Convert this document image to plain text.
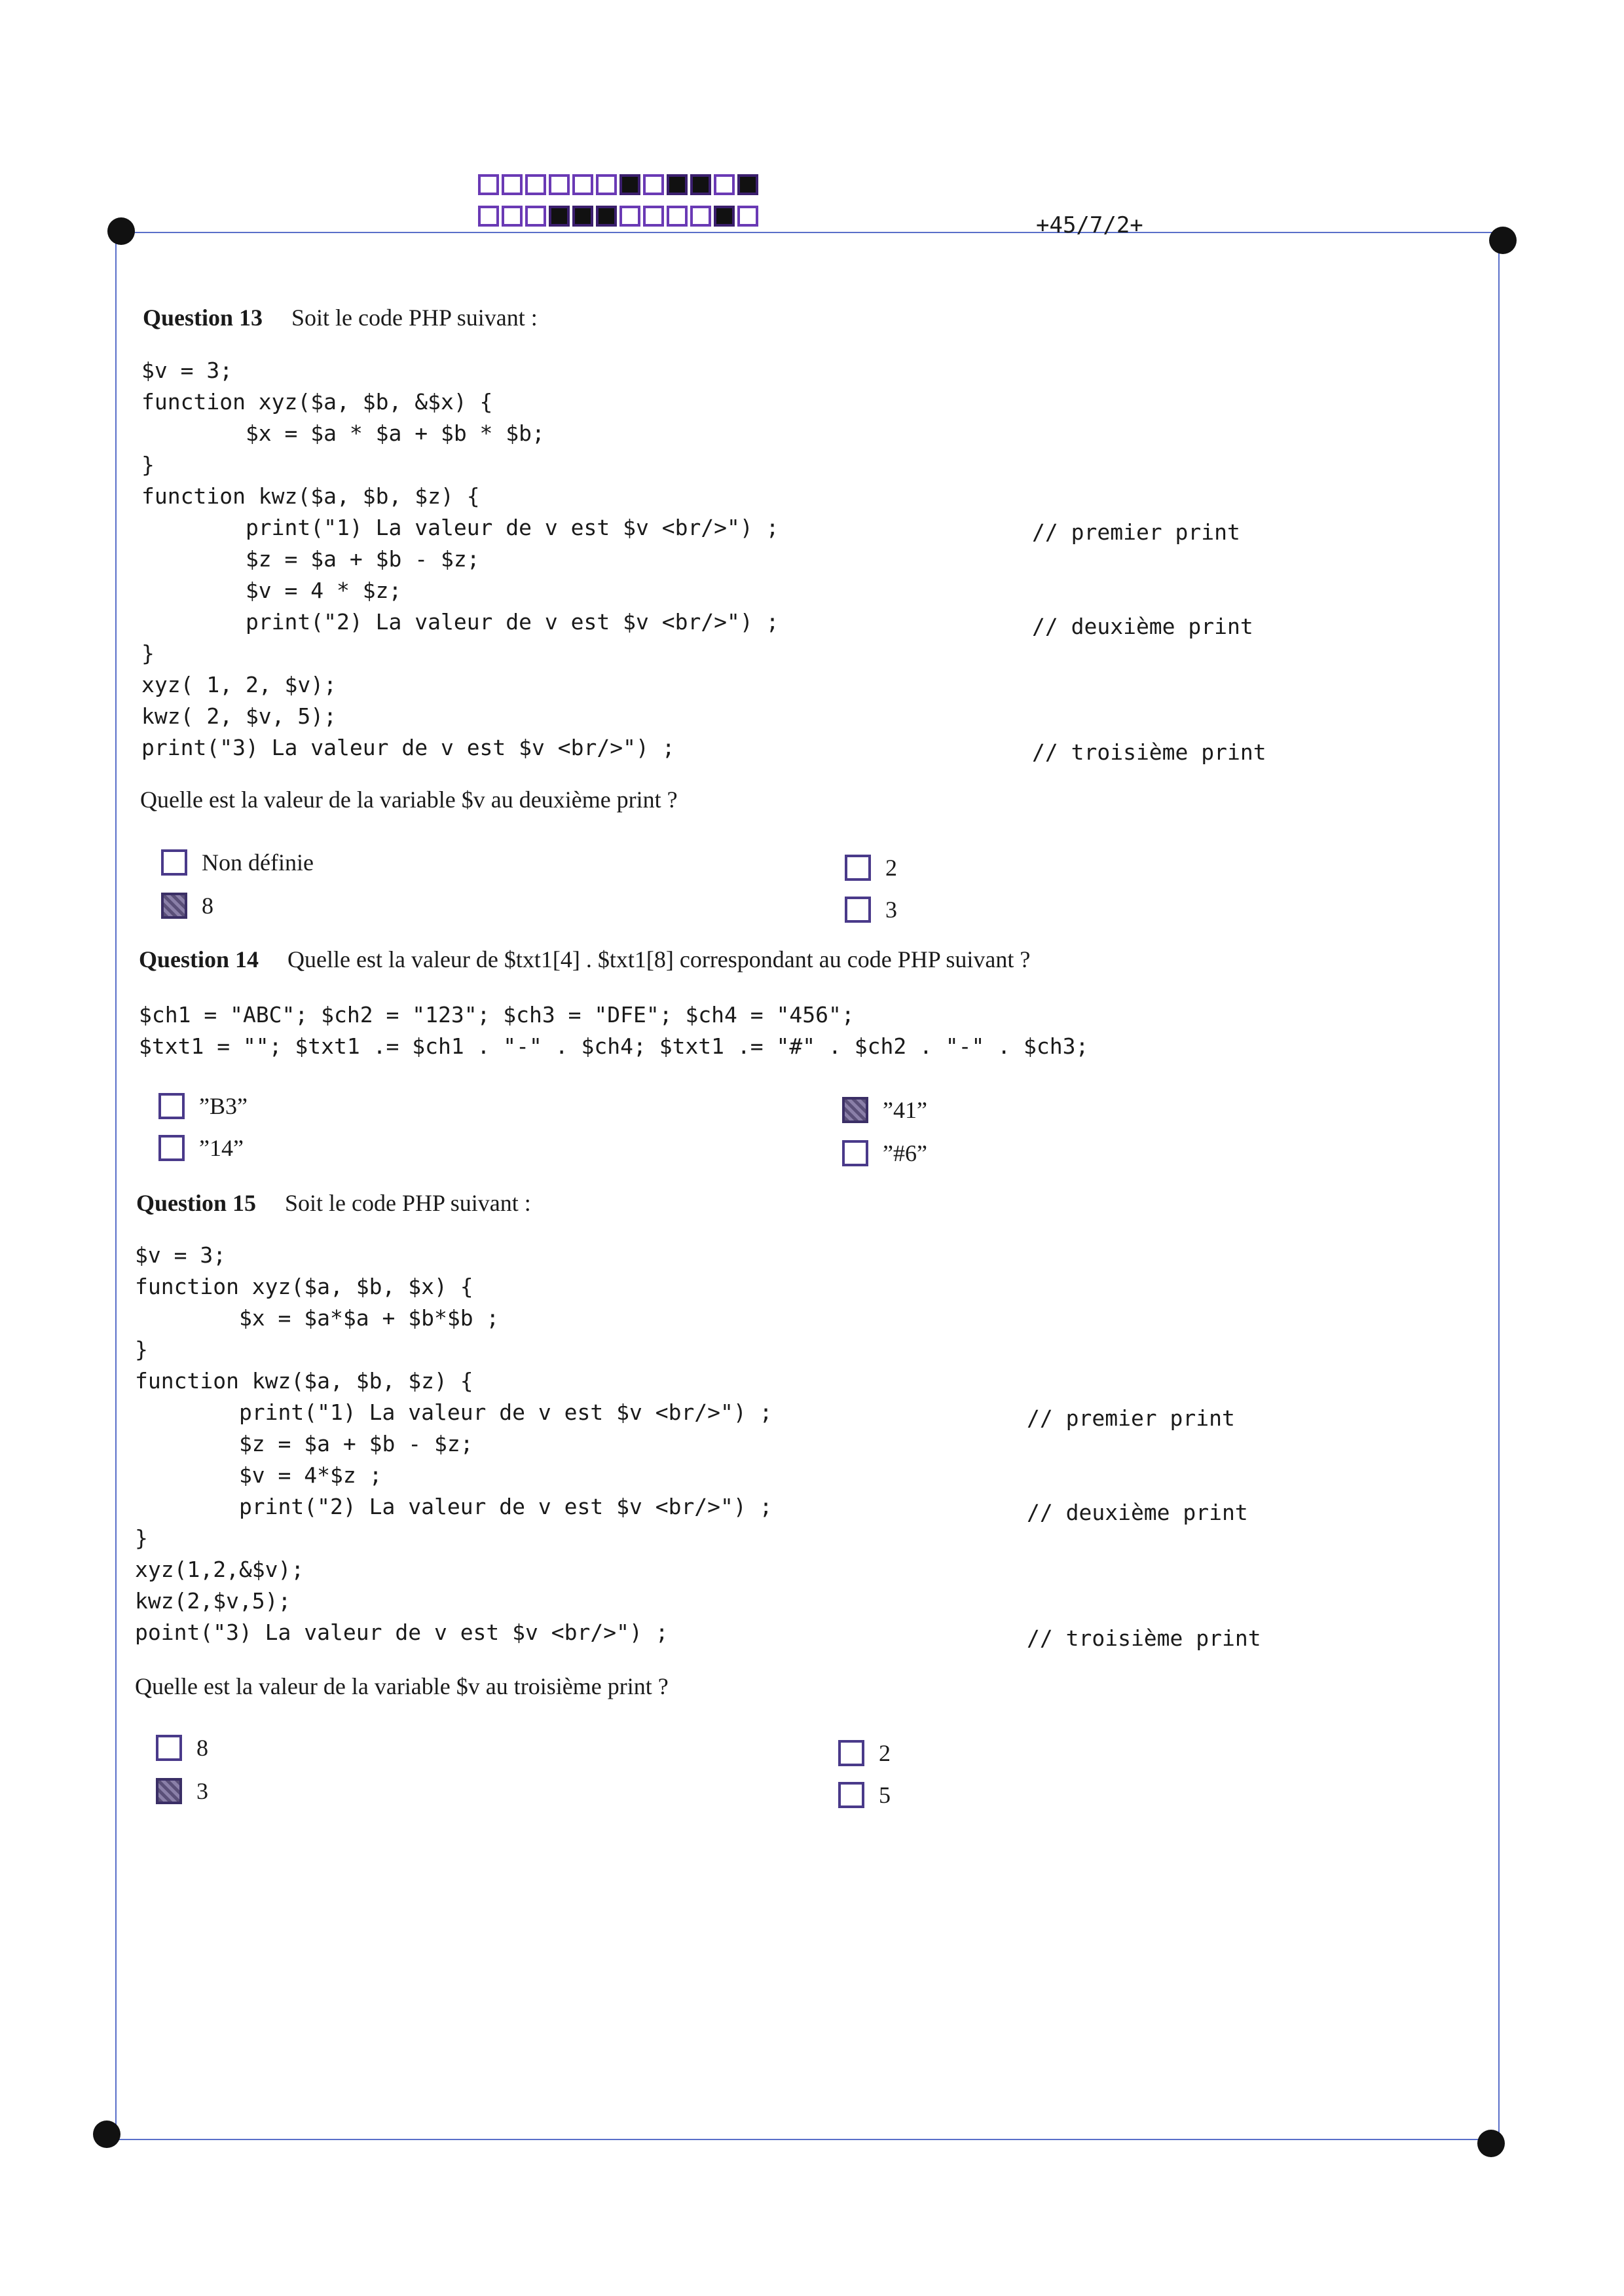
+45/7/2+
Question 13 Soit le code PHP suivant :
$v = 3;
function xyz($a, $b, &$x) {
$x = $a * $a + $b * $b;
}
function kwz($a, $b, $z) {
print("1) La valeur de v est $v <br/>") ;
$z = $a + $b - $z;
$v = 4 * $z;
print("2) La valeur de v est $v <br/>") ;
}
xyz( 1, 2, $v);
kwz( 2, $v, 5);
print("3) La valeur de v est $v <br/>") ;
// premier print
// deuxième print
// troisième print
Quelle est la valeur de la variable $v au deuxième print ?
Non définie
8
2
3
Question 14 Quelle est la valeur de $txt1[4] . $txt1[8] correspondant au code PHP suivant ?
$ch1 = "ABC"; $ch2 = "123"; $ch3 = "DFE"; $ch4 = "456";
$txt1 = ""; $txt1 .= $ch1 . "-" . $ch4; $txt1 .= "#" . $ch2 . "-" . $ch3;
”B3”
”14”
”41”
”#6”
Question 15 Soit le code PHP suivant :
$v = 3;
function xyz($a, $b, $x) {
$x = $a*$a + $b*$b ;
}
function kwz($a, $b, $z) {
print("1) La valeur de v est $v <br/>") ;
$z = $a + $b - $z;
$v = 4*$z ;
print("2) La valeur de v est $v <br/>") ;
}
xyz(1,2,&$v);
kwz(2,$v,5);
point("3) La valeur de v est $v <br/>") ;
// premier print
// deuxième print
// troisième print
Quelle est la valeur de la variable $v au troisième print ?
8
3
2
5
